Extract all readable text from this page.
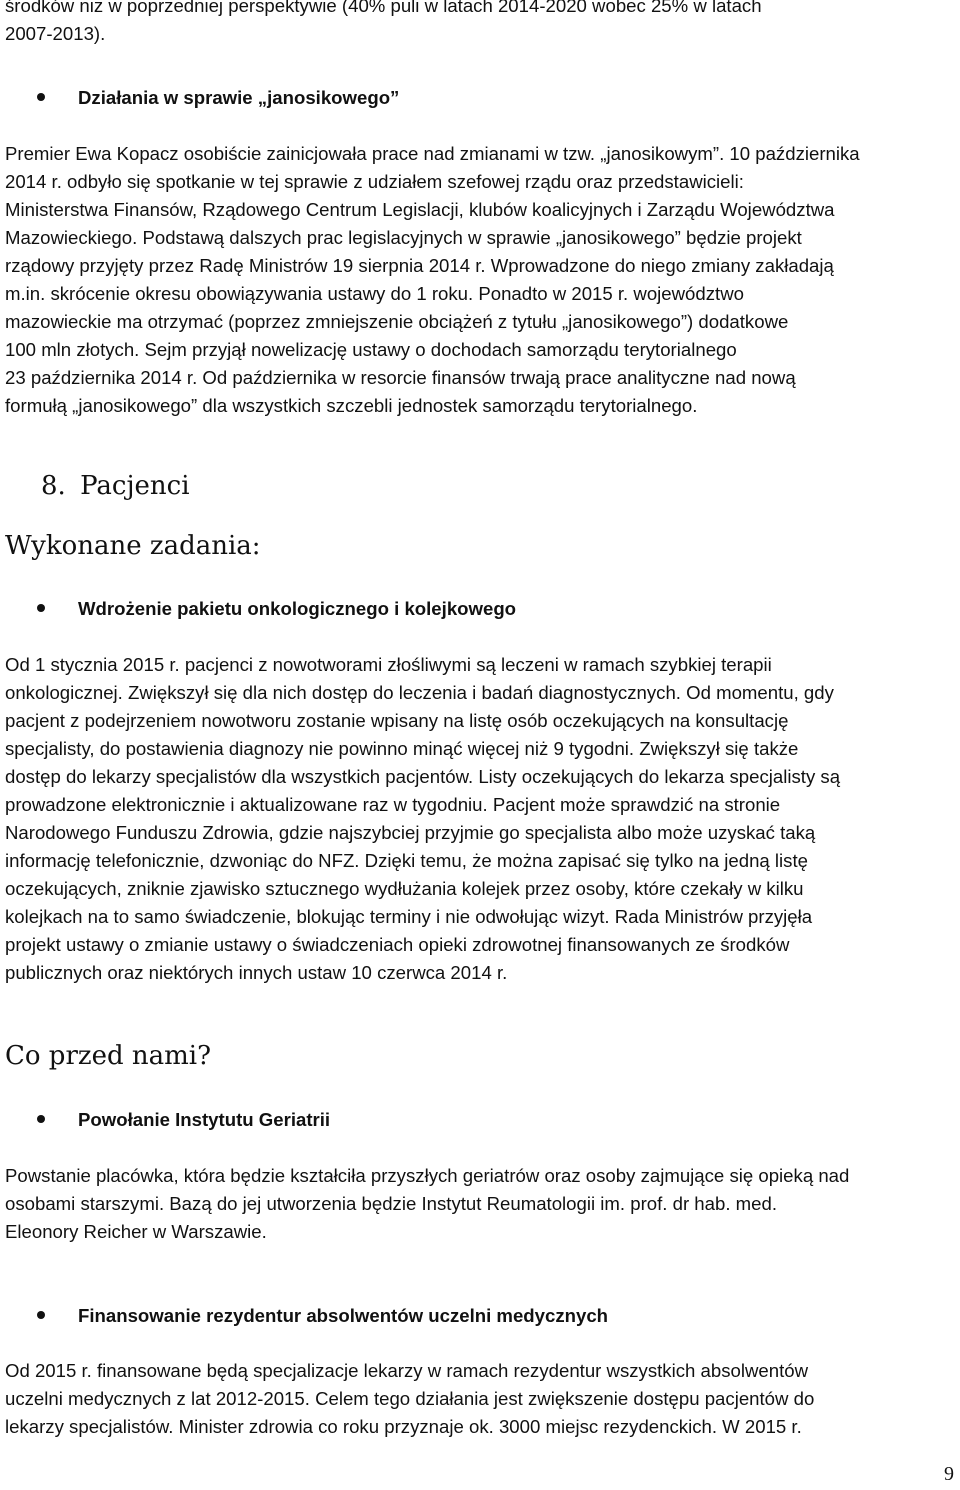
środków niż w poprzedniej perspektywie (40% puli w latach 2014-2020 wobec 25% w latach
2007-2013).
Działania w sprawie „janosikowego”
Premier Ewa Kopacz osobiście zainicjowała prace nad zmianami w tzw. „janosikowym”. 10 października
2014 r. odbyło się spotkanie w tej sprawie z udziałem szefowej rządu oraz przedstawicieli:
Ministerstwa Finansów, Rządowego Centrum Legislacji, klubów koalicyjnych i Zarządu Województwa
Mazowieckiego. Podstawą dalszych prac legislacyjnych w sprawie „janosikowego” będzie projekt
rządowy przyjęty przez Radę Ministrów 19 sierpnia 2014 r. Wprowadzone do niego zmiany zakładają
m.in. skrócenie okresu obowiązywania ustawy do 1 roku. Ponadto w 2015 r. województwo
mazowieckie ma otrzymać (poprzez zmniejszenie obciążeń z tytułu „janosikowego”) dodatkowe
100 mln złotych. Sejm przyjął nowelizację ustawy o dochodach samorządu terytorialnego
23 października 2014 r. Od października w resorcie finansów trwają prace analityczne nad nową
formułą „janosikowego” dla wszystkich szczebli jednostek samorządu terytorialnego.
8. Pacjenci
Wykonane zadania:
Wdrożenie pakietu onkologicznego i kolejkowego
Od 1 stycznia 2015 r. pacjenci z nowotworami złośliwymi są leczeni w ramach szybkiej terapii
onkologicznej. Zwiększył się dla nich dostęp do leczenia i badań diagnostycznych. Od momentu, gdy
pacjent z podejrzeniem nowotworu zostanie wpisany na listę osób oczekujących na konsultację
specjalisty, do postawienia diagnozy nie powinno minąć więcej niż 9 tygodni. Zwiększył się także
dostęp do lekarzy specjalistów dla wszystkich pacjentów. Listy oczekujących do lekarza specjalisty są
prowadzone elektronicznie i aktualizowane raz w tygodniu. Pacjent może sprawdzić na stronie
Narodowego Funduszu Zdrowia, gdzie najszybciej przyjmie go specjalista albo może uzyskać taką
informację telefonicznie, dzwoniąc do NFZ. Dzięki temu, że można zapisać się tylko na jedną listę
oczekujących, zniknie zjawisko sztucznego wydłużania kolejek przez osoby, które czekały w kilku
kolejkach na to samo świadczenie, blokując terminy i nie odwołując wizyt. Rada Ministrów przyjęła
projekt ustawy o zmianie ustawy o świadczeniach opieki zdrowotnej finansowanych ze środków
publicznych oraz niektórych innych ustaw 10 czerwca 2014 r.
Co przed nami?
Powołanie Instytutu Geriatrii
Powstanie placówka, która będzie kształciła przyszłych geriatrów oraz osoby zajmujące się opieką nad
osobami starszymi. Bazą do jej utworzenia będzie Instytut Reumatologii im. prof. dr hab. med.
Eleonory Reicher w Warszawie.
Finansowanie rezydentur absolwentów uczelni medycznych
Od 2015 r. finansowane będą specjalizacje lekarzy w ramach rezydentur wszystkich absolwentów
uczelni medycznych z lat 2012-2015. Celem tego działania jest zwiększenie dostępu pacjentów do
lekarzy specjalistów. Minister zdrowia co roku przyznaje ok. 3000 miejsc rezydenckich. W 2015 r.
9
